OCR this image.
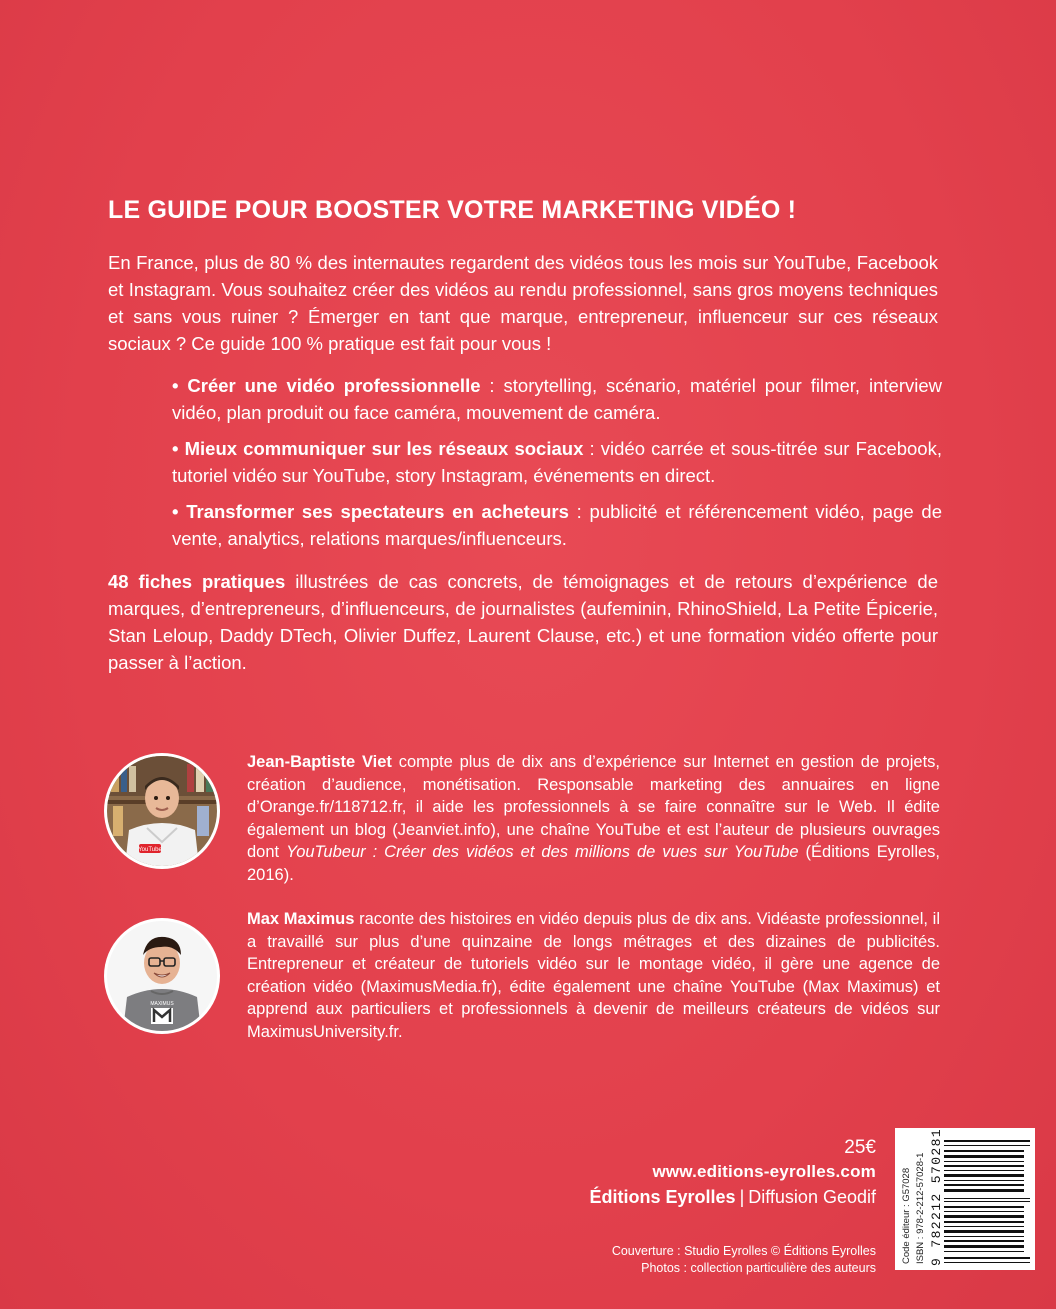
LE GUIDE POUR BOOSTER VOTRE MARKETING VIDÉO !
En France, plus de 80 % des internautes regardent des vidéos tous les mois sur YouTube, Facebook et Instagram. Vous souhaitez créer des vidéos au rendu professionnel, sans gros moyens techniques et sans vous ruiner ? Émerger en tant que marque, entrepreneur, influenceur sur ces réseaux sociaux ? Ce guide 100 % pratique est fait pour vous !
• Créer une vidéo professionnelle : storytelling, scénario, matériel pour filmer, interview vidéo, plan produit ou face caméra, mouvement de caméra.
• Mieux communiquer sur les réseaux sociaux : vidéo carrée et sous-titrée sur Facebook, tutoriel vidéo sur YouTube, story Instagram, événements en direct.
• Transformer ses spectateurs en acheteurs : publicité et référencement vidéo, page de vente, analytics, relations marques/influenceurs.
48 fiches pratiques illustrées de cas concrets, de témoignages et de retours d’expérience de marques, d’entrepreneurs, d’influenceurs, de journalistes (aufeminin, RhinoShield, La Petite Épicerie, Stan Leloup, Daddy DTech, Olivier Duffez, Laurent Clause, etc.) et une formation vidéo offerte pour passer à l’action.
YouTube
Jean-Baptiste Viet compte plus de dix ans d’expérience sur Internet en gestion de projets, création d’audience, monétisation. Responsable marketing des annuaires en ligne d’Orange.fr/118712.fr, il aide les professionnels à se faire connaître sur le Web. Il édite également un blog (Jeanviet.info), une chaîne YouTube et est l’auteur de plusieurs ouvrages dont YouTubeur : Créer des vidéos et des millions de vues sur YouTube (Éditions Eyrolles, 2016).
MAXIMUS
Max Maximus raconte des histoires en vidéo depuis plus de dix ans. Vidéaste professionnel, il a travaillé sur plus d’une quinzaine de longs métrages et des dizaines de publicités. Entrepreneur et créateur de tutoriels vidéo sur le montage vidéo, il gère une agence de création vidéo (MaximusMedia.fr), édite également une chaîne YouTube (Max Maximus) et apprend aux particuliers et professionnels à devenir de meilleurs créateurs de vidéos sur MaximusUniversity.fr.
25€
www.editions-eyrolles.com
Éditions Eyrolles | Diffusion Geodif
Couverture : Studio Eyrolles © Éditions Eyrolles
Photos : collection particulière des auteurs
Code éditeur : G57028 ISBN : 978-2-212-57028-1 9 782212 570281
